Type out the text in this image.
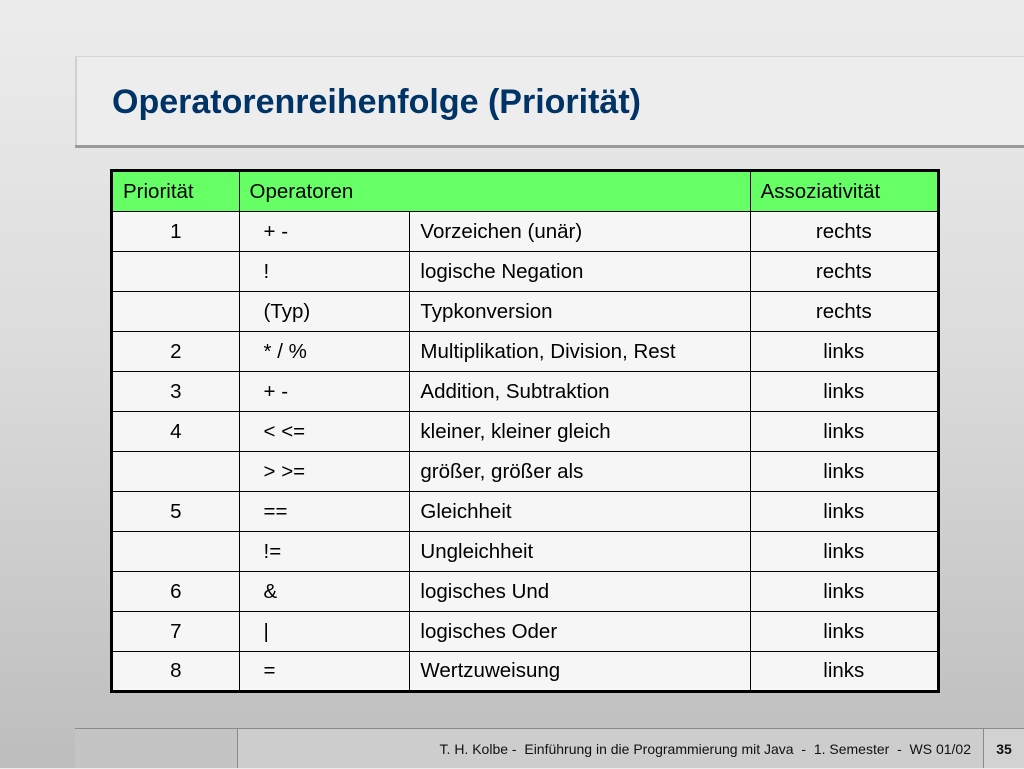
Operatorenreihenfolge (Priorität)
Priorität	Operatoren		Assoziativität
1	+ -	Vorzeichen (unär)	rechts
	!	logische Negation	rechts
	(Typ)	Typkonversion	rechts
2	* / %	Multiplikation, Division, Rest	links
3	+ -	Addition, Subtraktion	links
4	< <=	kleiner, kleiner gleich	links
	> >=	größer, größer als	links
5	==	Gleichheit	links
	!=	Ungleichheit	links
6	&	logisches Und	links
7	|	logisches Oder	links
8	=	Wertzuweisung	links
T. H. Kolbe -  Einführung in die Programmierung mit Java  -  1. Semester  -  WS 01/02	35
